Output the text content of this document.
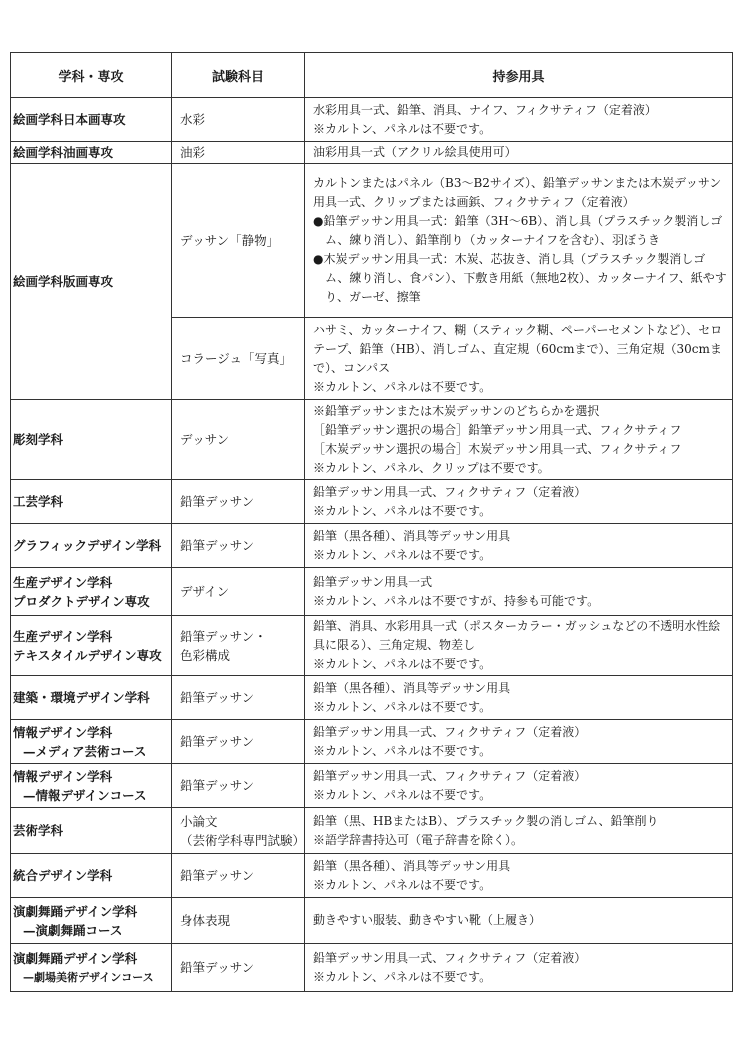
学科・専攻	試験科目	持参用具

絵画学科日本画専攻	水彩	水彩用具一式、鉛筆、消具、ナイフ、フィクサティフ（定着液）
※カルトン、パネルは不要です。

絵画学科油画専攻	油彩	油彩用具一式（アクリル絵具使用可）

絵画学科版画専攻	デッサン「静物」	カルトンまたはパネル（B3～B2サイズ）、鉛筆デッサンまたは木炭デッサン用具一式、クリップまたは画鋲、フィクサティフ（定着液）
●鉛筆デッサン用具一式：鉛筆（3H～6B）、消し具（プラスチック製消しゴム、練り消し）、鉛筆削り（カッターナイフを含む）、羽ぼうき
●木炭デッサン用具一式：木炭、芯抜き、消し具（プラスチック製消しゴム、練り消し、食パン）、下敷き用紙（無地2枚）、カッターナイフ、紙やすり、ガーゼ、擦筆

	コラージュ「写真」	ハサミ、カッターナイフ、糊（スティック糊、ペーパーセメントなど）、セロテープ、鉛筆（HB）、消しゴム、直定規（60cmまで）、三角定規（30cmまで）、コンパス
※カルトン、パネルは不要です。

彫刻学科	デッサン	※鉛筆デッサンまたは木炭デッサンのどちらかを選択
［鉛筆デッサン選択の場合］鉛筆デッサン用具一式、フィクサティフ
［木炭デッサン選択の場合］木炭デッサン用具一式、フィクサティフ
※カルトン、パネル、クリップは不要です。

工芸学科	鉛筆デッサン	鉛筆デッサン用具一式、フィクサティフ（定着液）
※カルトン、パネルは不要です。

グラフィックデザイン学科	鉛筆デッサン	鉛筆（黒各種）、消具等デッサン用具
※カルトン、パネルは不要です。

生産デザイン学科
プロダクトデザイン専攻	デザイン	鉛筆デッサン用具一式
※カルトン、パネルは不要ですが、持参も可能です。

生産デザイン学科
テキスタイルデザイン専攻	鉛筆デッサン・
色彩構成	鉛筆、消具、水彩用具一式（ポスターカラー・ガッシュなどの不透明水性絵具に限る）、三角定規、物差し
※カルトン、パネルは不要です。

建築・環境デザイン学科	鉛筆デッサン	鉛筆（黒各種）、消具等デッサン用具
※カルトン、パネルは不要です。

情報デザイン学科
—メディア芸術コース	鉛筆デッサン	鉛筆デッサン用具一式、フィクサティフ（定着液）
※カルトン、パネルは不要です。

情報デザイン学科
—情報デザインコース	鉛筆デッサン	鉛筆デッサン用具一式、フィクサティフ（定着液）
※カルトン、パネルは不要です。

芸術学科	小論文
（芸術学科専門試験）	鉛筆（黒、HBまたはB）、プラスチック製の消しゴム、鉛筆削り
※語学辞書持込可（電子辞書を除く）。

統合デザイン学科	鉛筆デッサン	鉛筆（黒各種）、消具等デッサン用具
※カルトン、パネルは不要です。

演劇舞踊デザイン学科
—演劇舞踊コース	身体表現	動きやすい服装、動きやすい靴（上履き）

演劇舞踊デザイン学科
—劇場美術デザインコース	鉛筆デッサン	鉛筆デッサン用具一式、フィクサティフ（定着液）
※カルトン、パネルは不要です。
